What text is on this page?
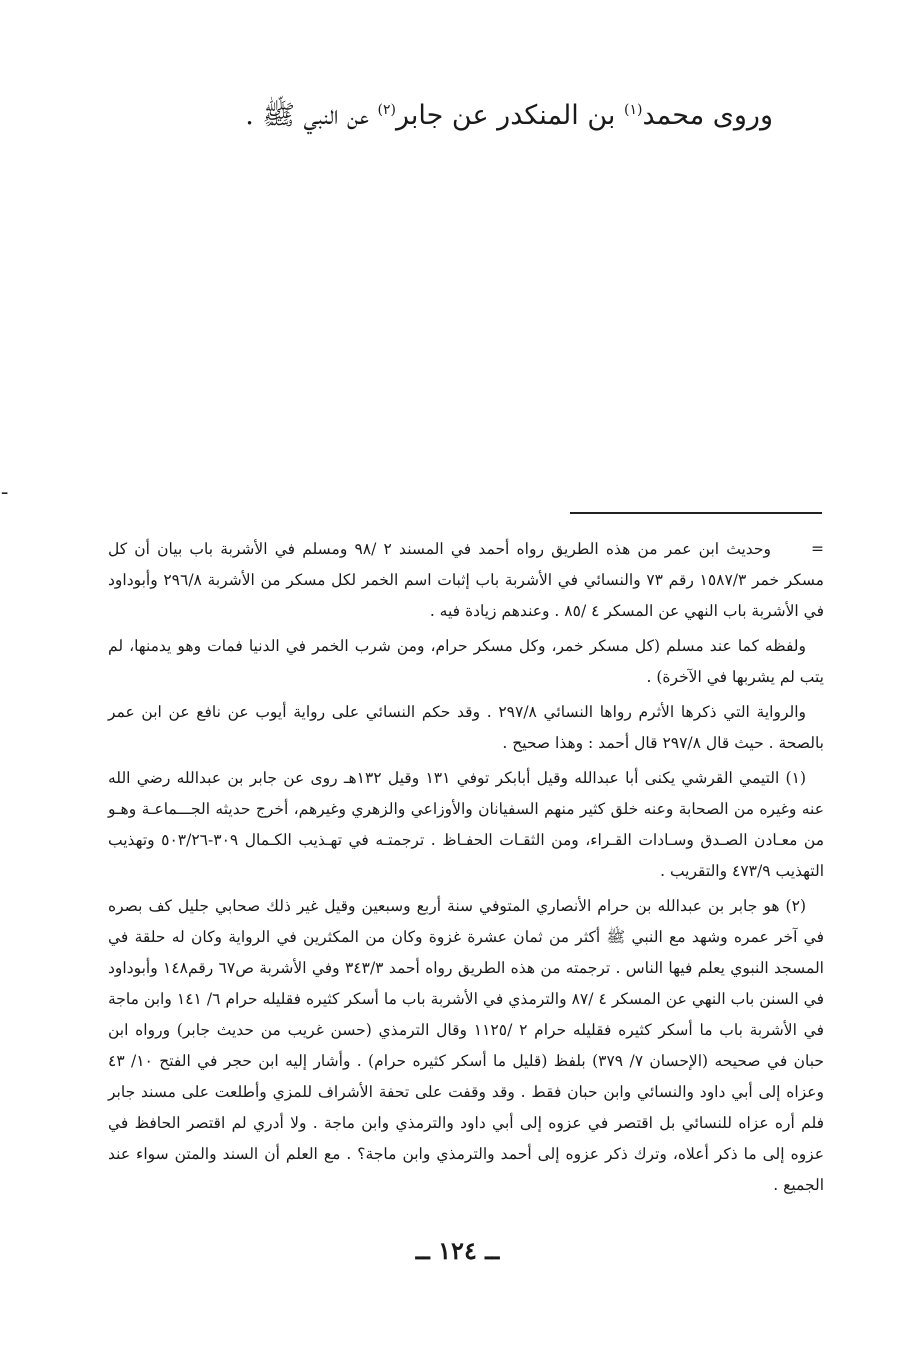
وروى محمد$^{(١)}$ بن المنكدر عن جابر$^{(٢)}$ عن النبي ﷺ .
ـ

=وحديث ابن عمر من هذه الطريق رواه أحمد في المسند ٢ /٩٨ ومسلم في الأشربة باب بيان أن كل مسكر خمر ١٥٨٧/٣ رقم ٧٣ والنسائي في الأشربة باب إثبات اسم الخمر لكل مسكر من الأشربة ٢٩٦/٨ وأبوداود في الأشربة باب النهي عن المسكر ٤ /٨٥ . وعندهم زيادة فيه .

ولفظه كما عند مسلم (كل مسكر خمر، وكل مسكر حرام، ومن شرب الخمر في الدنيا فمات وهو يدمنها، لم يتب لم يشربها في الآخرة) .

والرواية التي ذكرها الأثرم رواها النسائي ٢٩٧/٨ . وقد حكم النسائي على رواية أيوب عن نافع عن ابن عمر بالصحة . حيث قال ٢٩٧/٨ قال أحمد : وهذا صحيح .

(١) التيمي القرشي يكنى أبا عبدالله وقيل أبابكر توفي ١٣١ وقيل ١٣٢هـ روى عن جابر بن عبدالله رضي الله عنه وغيره من الصحابة وعنه خلق كثير منهم السفيانان والأوزاعي والزهري وغيرهم، أخرج حديثه الجـــماعـة وهـو من معـادن الصـدق وسـادات القـراء، ومن الثقـات الحفـاظ . ترجمتـه في تهـذيب الكـمال ٣٠٩-٥٠٣/٢٦ وتهذيب التهذيب ٤٧٣/٩ والتقريب .

(٢) هو جابر بن عبدالله بن حرام الأنصاري المتوفي سنة أربع وسبعين وقيل غير ذلك صحابي جليل كف بصره في آخر عمره وشهد مع النبي ﷺ أكثر من ثمان عشرة غزوة وكان من المكثرين في الرواية وكان له حلقة في المسجد النبوي يعلم فيها الناس . ترجمته من هذه الطريق رواه أحمد ٣٤٣/٣ وفي الأشربة ص٦٧ رقم١٤٨ وأبوداود في السنن باب النهي عن المسكر ٤ /٨٧ والترمذي في الأشربة باب ما أسكر كثيره فقليله حرام ٦/ ١٤١ وابن ماجة في الأشربة باب ما أسكر كثيره فقليله حرام ٢ /١١٢٥ وقال الترمذي (حسن غريب من حديث جابر) ورواه ابن حبان في صحيحه (الإحسان ٧/ ٣٧٩) بلفظ (قليل ما أسكر كثيره حرام) . وأشار إليه ابن حجر في الفتح ١٠/ ٤٣ وعزاه إلى أبي داود والنسائي وابن حبان فقط . وقد وقفت على تحفة الأشراف للمزي وأطلعت على مسند جابر فلم أره عزاه للنسائي بل اقتصر في عزوه إلى أبي داود والترمذي وابن ماجة . ولا أدري لم اقتصر الحافظ في عزوه إلى ما ذكر أعلاه، وترك ذكر عزوه إلى أحمد والترمذي وابن ماجة؟ . مع العلم أن السند والمتن سواء عند الجميع .

ــ ١٢٤ ــ
